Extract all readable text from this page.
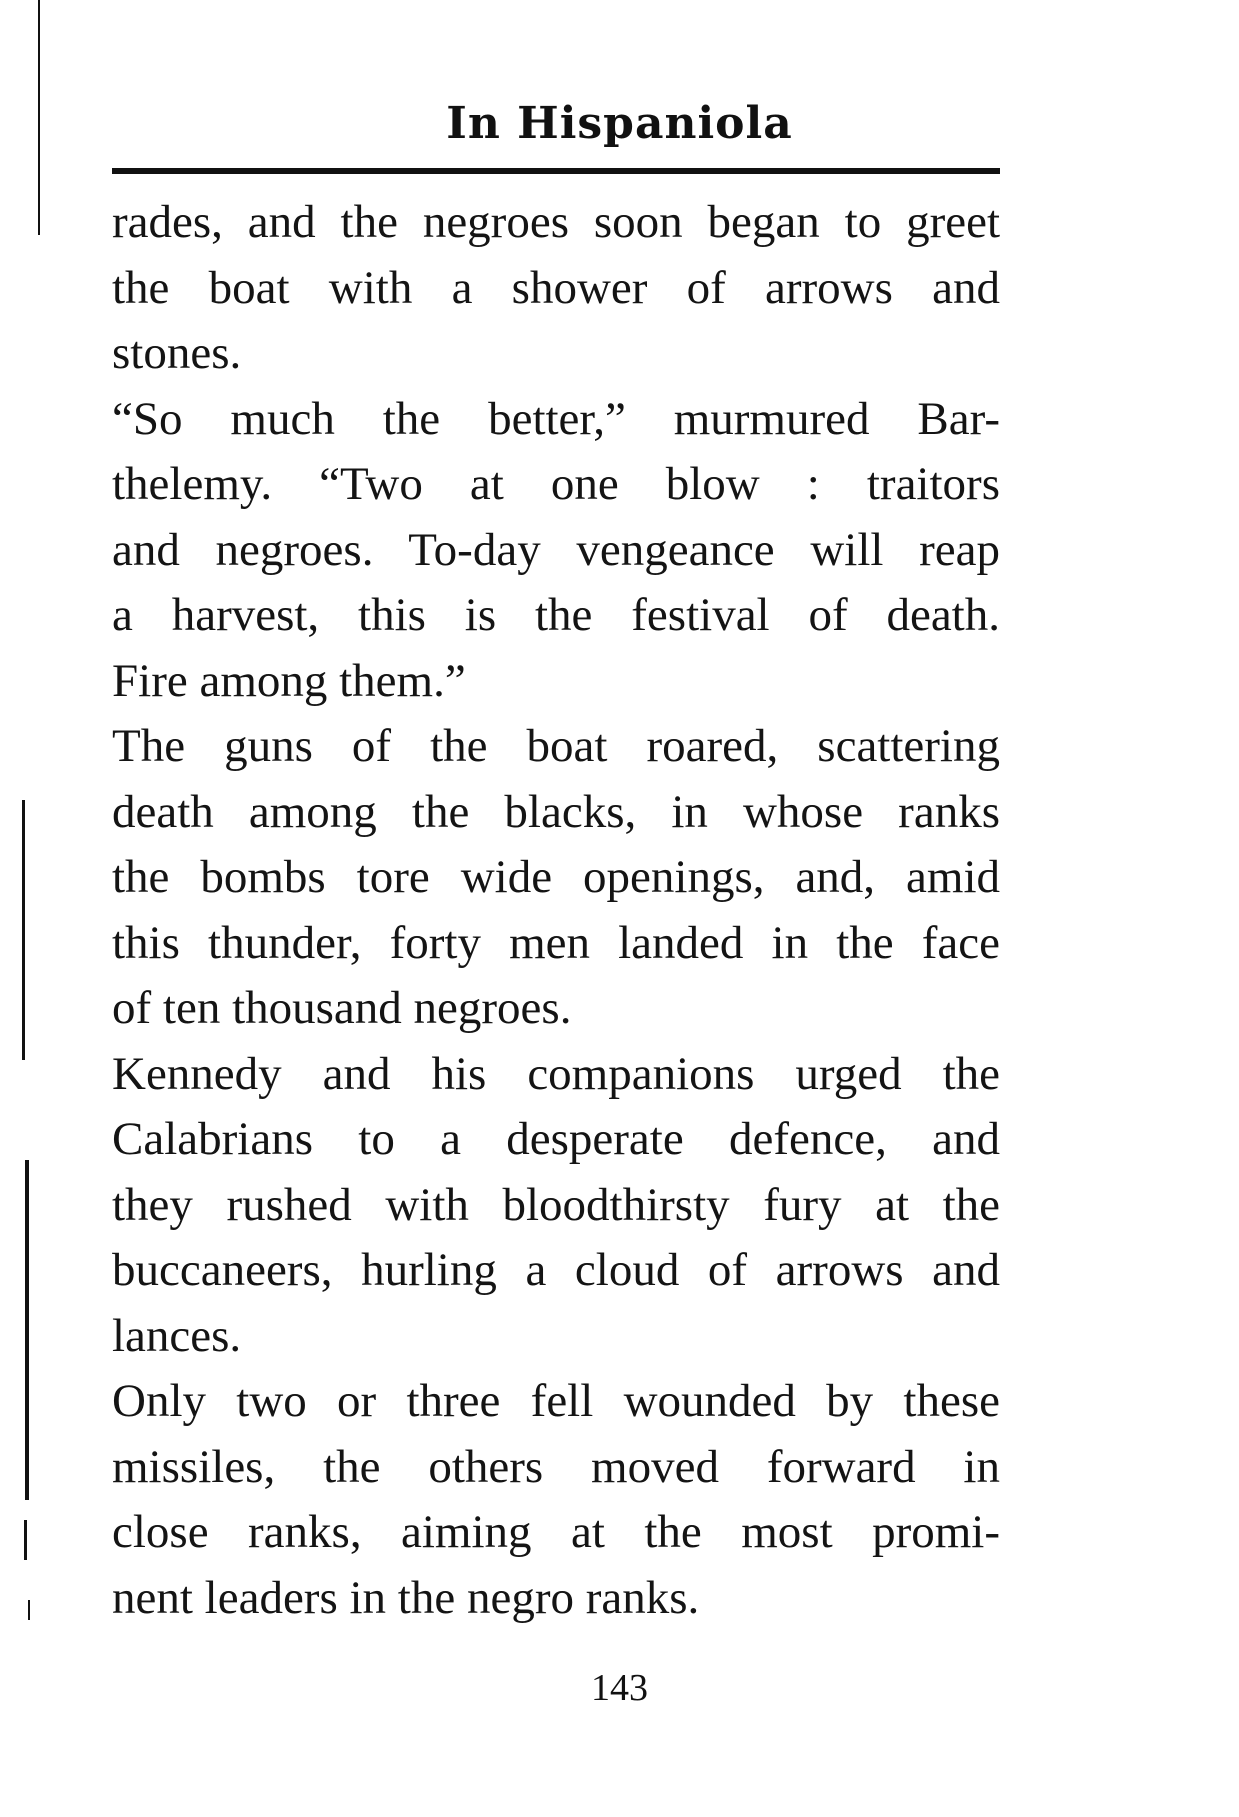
In Hispaniola
rades, and the negroes soon began to greet
the boat with a shower of arrows and
stones.
“So much the better,” murmured Bar-
thelemy. “Two at one blow : traitors
and negroes. To-day vengeance will reap
a harvest, this is the festival of death.
Fire among them.”
The guns of the boat roared, scattering
death among the blacks, in whose ranks
the bombs tore wide openings, and, amid
this thunder, forty men landed in the face
of ten thousand negroes.
Kennedy and his companions urged the
Calabrians to a desperate defence, and
they rushed with bloodthirsty fury at the
buccaneers, hurling a cloud of arrows and
lances.
Only two or three fell wounded by these
missiles, the others moved forward in
close ranks, aiming at the most promi-
nent leaders in the negro ranks.
143
